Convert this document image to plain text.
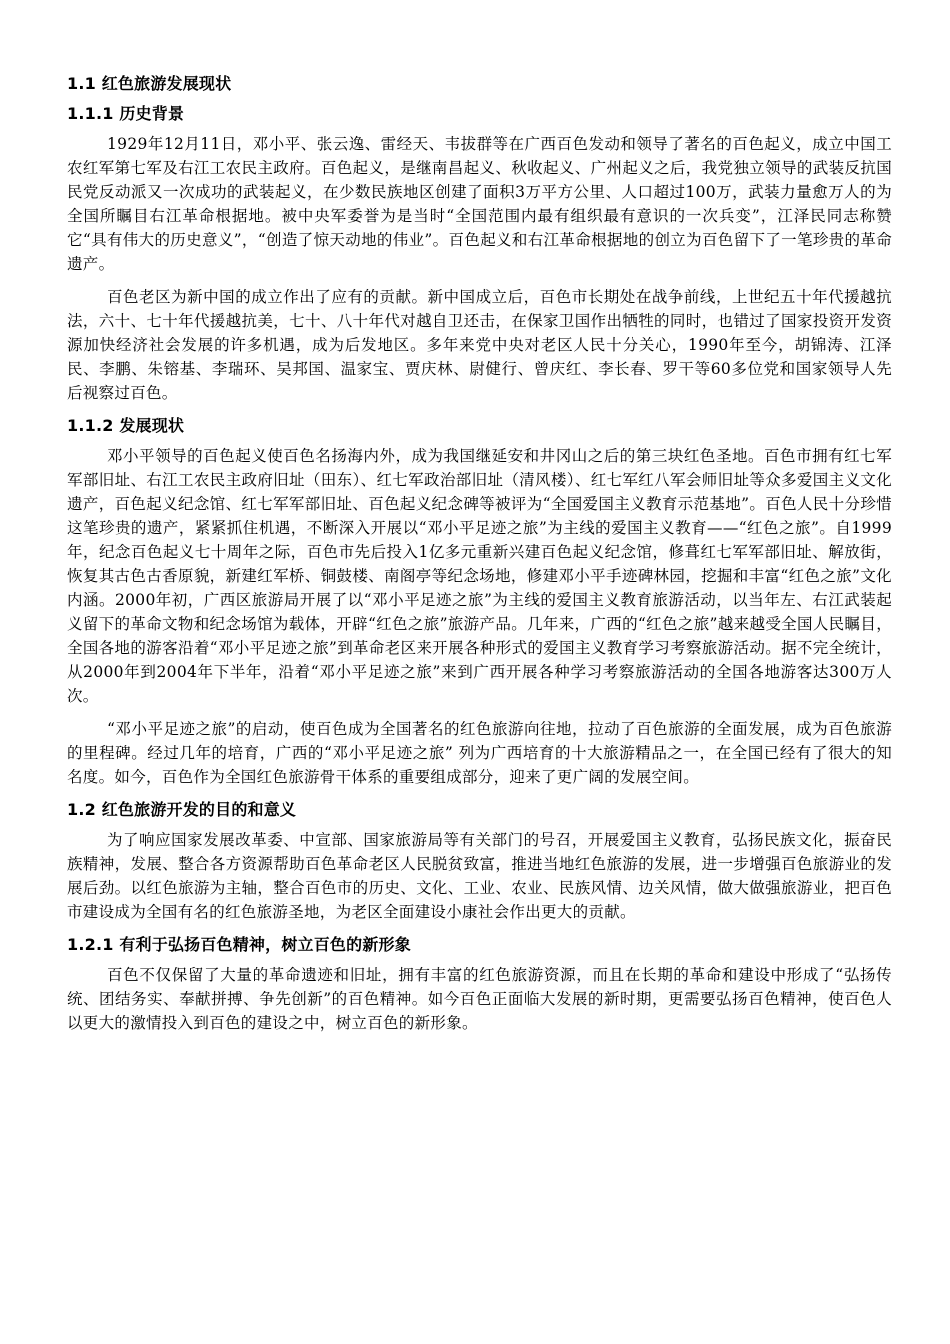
1.1 红色旅游发展现状
1.1.1 历史背景

1929年12月11日，邓小平、张云逸、雷经天、韦拔群等在广西百色发动和领导了著名的百色起义，成立中国工农红军第七军及右江工农民主政府。百色起义，是继南昌起义、秋收起义、广州起义之后，我党独立领导的武装反抗国民党反动派又一次成功的武装起义，在少数民族地区创建了面积3万平方公里、人口超过100万，武装力量愈万人的为全国所瞩目右江革命根据地。被中央军委誉为是当时“全国范围内最有组织最有意识的一次兵变”，江泽民同志称赞它“具有伟大的历史意义”，“创造了惊天动地的伟业”。百色起义和右江革命根据地的创立为百色留下了一笔珍贵的革命遗产。

百色老区为新中国的成立作出了应有的贡献。新中国成立后，百色市长期处在战争前线，上世纪五十年代援越抗法，六十、七十年代援越抗美，七十、八十年代对越自卫还击，在保家卫国作出牺牲的同时，也错过了国家投资开发资源加快经济社会发展的许多机遇，成为后发地区。多年来党中央对老区人民十分关心，1990年至今，胡锦涛、江泽民、李鹏、朱镕基、李瑞环、吴邦国、温家宝、贾庆林、尉健行、曾庆红、李长春、罗干等60多位党和国家领导人先后视察过百色。

1.1.2 发展现状

邓小平领导的百色起义使百色名扬海内外，成为我国继延安和井冈山之后的第三块红色圣地。百色市拥有红七军军部旧址、右江工农民主政府旧址（田东）、红七军政治部旧址（清风楼）、红七军红八军会师旧址等众多爱国主义文化遗产，百色起义纪念馆、红七军军部旧址、百色起义纪念碑等被评为“全国爱国主义教育示范基地”。百色人民十分珍惜这笔珍贵的遗产，紧紧抓住机遇，不断深入开展以“邓小平足迹之旅”为主线的爱国主义教育——“红色之旅”。自1999年，纪念百色起义七十周年之际，百色市先后投入1亿多元重新兴建百色起义纪念馆，修葺红七军军部旧址、解放街，恢复其古色古香原貌，新建红军桥、铜鼓楼、南阁亭等纪念场地，修建邓小平手迹碑林园，挖掘和丰富“红色之旅”文化内涵。2000年初，广西区旅游局开展了以“邓小平足迹之旅”为主线的爱国主义教育旅游活动，以当年左、右江武装起义留下的革命文物和纪念场馆为载体，开辟“红色之旅”旅游产品。几年来，广西的“红色之旅”越来越受全国人民瞩目，全国各地的游客沿着“邓小平足迹之旅”到革命老区来开展各种形式的爱国主义教育学习考察旅游活动。据不完全统计，从2000年到2004年下半年，沿着“邓小平足迹之旅”来到广西开展各种学习考察旅游活动的全国各地游客达300万人次。

“邓小平足迹之旅”的启动，使百色成为全国著名的红色旅游向往地，拉动了百色旅游的全面发展，成为百色旅游的里程碑。经过几年的培育，广西的“邓小平足迹之旅” 列为广西培育的十大旅游精品之一，在全国已经有了很大的知名度。如今，百色作为全国红色旅游骨干体系的重要组成部分，迎来了更广阔的发展空间。

1.2 红色旅游开发的目的和意义

为了响应国家发展改革委、中宣部、国家旅游局等有关部门的号召，开展爱国主义教育，弘扬民族文化，振奋民族精神，发展、整合各方资源帮助百色革命老区人民脱贫致富，推进当地红色旅游的发展，进一步增强百色旅游业的发展后劲。以红色旅游为主轴，整合百色市的历史、文化、工业、农业、民族风情、边关风情，做大做强旅游业，把百色市建设成为全国有名的红色旅游圣地，为老区全面建设小康社会作出更大的贡献。

1.2.1 有利于弘扬百色精神，树立百色的新形象

百色不仅保留了大量的革命遗迹和旧址，拥有丰富的红色旅游资源，而且在长期的革命和建设中形成了“弘扬传统、团结务实、奉献拼搏、争先创新”的百色精神。如今百色正面临大发展的新时期，更需要弘扬百色精神，使百色人以更大的激情投入到百色的建设之中，树立百色的新形象。
